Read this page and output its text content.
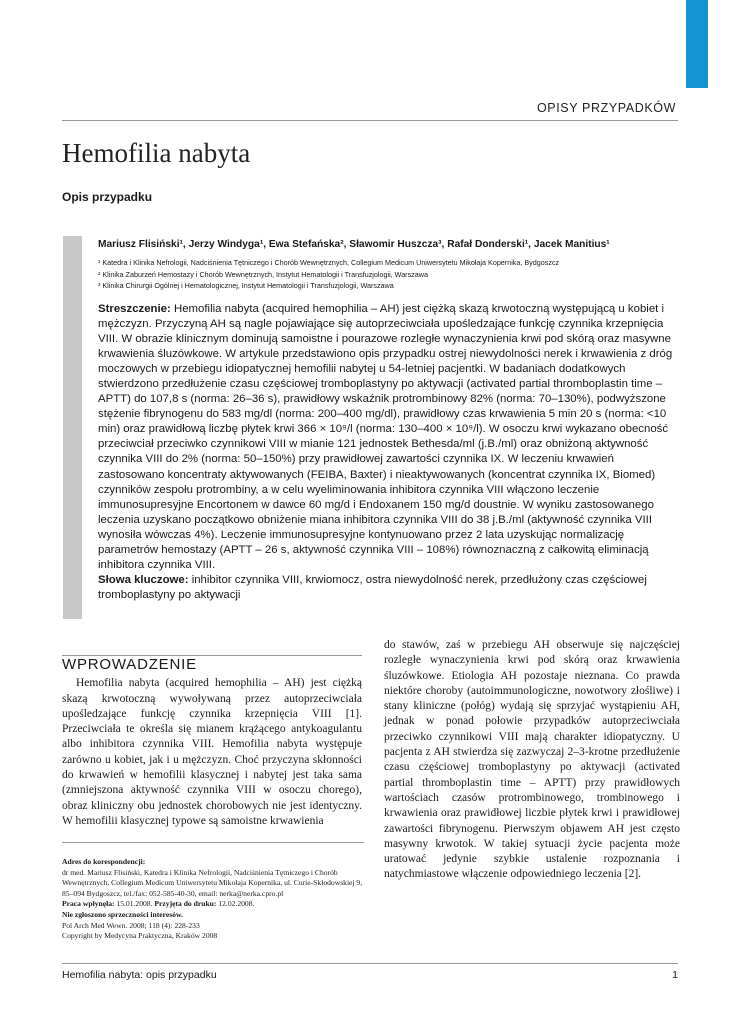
OPISY PRZYPADKÓW
Hemofilia nabyta
Opis przypadku
Mariusz Flisiński¹, Jerzy Windyga¹, Ewa Stefańska², Sławomir Huszcza³, Rafał Donderski¹, Jacek Manitius¹
¹ Katedra i Klinika Nefrologii, Nadciśnienia Tętniczego i Chorób Wewnętrznych, Collegium Medicum Uniwersytetu Mikołaja Kopernika, Bydgoszcz
² Klinika Zaburzeń Hemostazy i Chorób Wewnętrznych, Instytut Hematologii i Transfuzjologii, Warszawa
³ Klinika Chirurgii Ogólnej i Hematologicznej, Instytut Hematologii i Transfuzjologii, Warszawa

Streszczenie: Hemofilia nabyta (acquired hemophilia – AH) jest ciężką skazą krwotoczną występującą u kobiet i mężczyzn. Przyczyną AH są nagle pojawiające się autoprzeciwciała upośledzające funkcję czynnika krzepnięcia VIII. W obrazie klinicznym dominują samoistne i pourazowe rozległe wynaczynienia krwi pod skórą oraz masywne krwawienia śluzówkowe. W artykule przedstawiono opis przypadku ostrej niewydolności nerek i krwawienia z dróg moczowych w przebiegu idiopatycznej hemofilii nabytej u 54-letniej pacjentki. W badaniach dodatkowych stwierdzono przedłużenie czasu częściowej tromboplastyny po aktywacji (activated partial thromboplastin time – APTT) do 107,8 s (norma: 26–36 s), prawidłowy wskaźnik protrombinowy 82% (norma: 70–130%), podwyższone stężenie fibrynogenu do 583 mg/dl (norma: 200–400 mg/dl), prawidłowy czas krwawienia 5 min 20 s (norma: <10 min) oraz prawidłową liczbę płytek krwi 366 × 10⁹/l (norma: 130–400 × 10⁹/l). W osoczu krwi wykazano obecność przeciwciał przeciwko czynnikowi VIII w mianie 121 jednostek Bethesda/ml (j.B./ml) oraz obniżoną aktywność czynnika VIII do 2% (norma: 50–150%) przy prawidłowej zawartości czynnika IX. W leczeniu krwawień zastosowano koncentraty aktywowanych (FEIBA, Baxter) i nieaktywowanych (koncentrat czynnika IX, Biomed) czynników zespołu protrombiny, a w celu wyeliminowania inhibitora czynnika VIII włączono leczenie immunosupresyjne Encortonem w dawce 60 mg/d i Endoxanem 150 mg/d doustnie. W wyniku zastosowanego leczenia uzyskano początkowo obniżenie miana inhibitora czynnika VIII do 38 j.B./ml (aktywność czynnika VIII wynosiła wówczas 4%). Leczenie immunosupresyjne kontynuowano przez 2 lata uzyskując normalizację parametrów hemostazy (APTT – 26 s, aktywność czynnika VIII – 108%) równoznaczną z całkowitą eliminacją inhibitora czynnika VIII.

Słowa kluczowe: inhibitor czynnika VIII, krwiomocz, ostra niewydolność nerek, przedłużony czas częściowej tromboplastyny po aktywacji

WPROWADZENIE

Hemofilia nabyta (acquired hemophilia – AH) jest ciężką skazą krwotoczną wywoływaną przez autoprzeciwciała upośledzające funkcję czynnika krzepnięcia VIII [1]. Przeciwciała te określa się mianem krążącego antykoagulantu albo inhibitora czynnika VIII. Hemofilia nabyta występuje zarówno u kobiet, jak i u mężczyzn. Choć przyczyna skłonności do krwawień w hemofilii klasycznej i nabytej jest taka sama (zmniejszona aktywność czynnika VIII w osoczu chorego), obraz kliniczny obu jednostek chorobowych nie jest identyczny. W hemofilii klasycznej typowe są samoistne krwawienia

do stawów, zaś w przebiegu AH obserwuje się najczęściej rozległe wynaczynienia krwi pod skórą oraz krwawienia śluzówkowe. Etiologia AH pozostaje nieznana. Co prawda niektóre choroby (autoimmunologiczne, nowotwory złośliwe) i stany kliniczne (połóg) wydają się sprzyjać wystąpieniu AH, jednak w ponad połowie przypadków autoprzeciwciała przeciwko czynnikowi VIII mają charakter idiopatyczny. U pacjenta z AH stwierdza się zazwyczaj 2–3-krotne przedłużenie czasu częściowej tromboplastyny po aktywacji (activated partial thromboplastin time – APTT) przy prawidłowych wartościach czasów protrombinowego, trombinowego i krwawienia oraz prawidłowej liczbie płytek krwi i prawidłowej zawartości fibrynogenu. Pierwszym objawem AH jest często masywny krwotok. W takiej sytuacji życie pacjenta może uratować jedynie szybkie ustalenie rozpoznania i natychmiastowe włączenie odpowiedniego leczenia [2].

Adres do korespondencji:
dr med. Mariusz Flisiński, Katedra i Klinika Nefrologii, Nadciśnienia Tętniczego i Chorób Wewnętrznych, Collegium Medicum Uniwersytetu Mikołaja Kopernika, ul. Curie-Skłodowskiej 9, 85–094 Bydgoszcz, tel./fax: 052-585-40-30, email: nerka@nerka.cpro.pl
Praca wpłynęła: 15.01.2008. Przyjęta do druku: 12.02.2008.
Nie zgłoszono sprzeczności interesów.
Pol Arch Med Wewn. 2008; 118 (4): 228-233
Copyright by Medycyna Praktyczna, Kraków 2008
Hemofilia nabyta: opis przypadku	1
